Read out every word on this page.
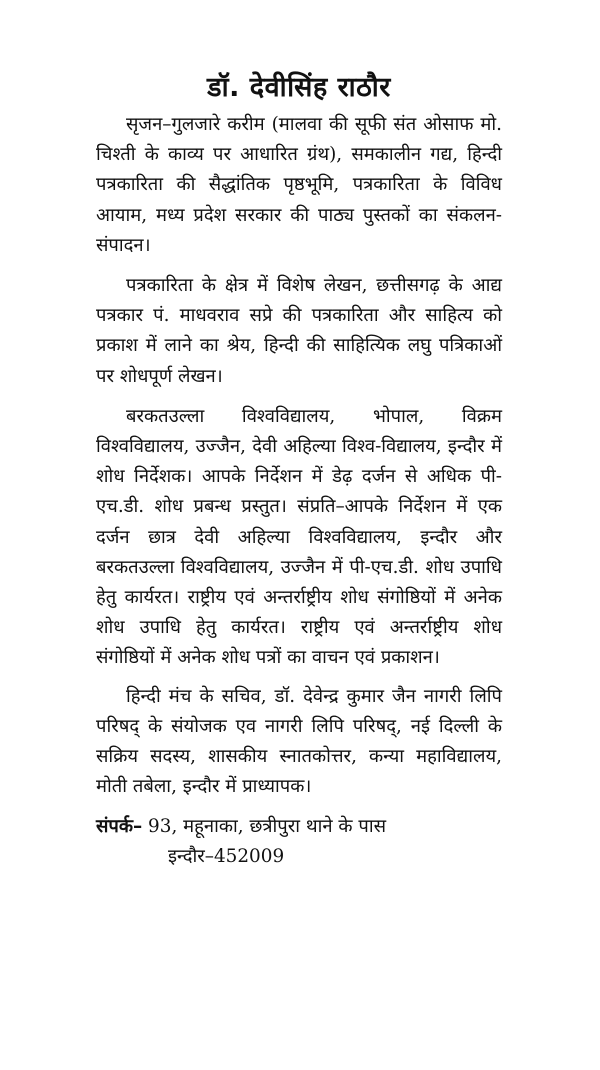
डॉ. देवीसिंह राठौर

सृजन–गुलजारे करीम (मालवा की सूफी संत ओसाफ मो. चिश्ती के काव्य पर आधारित ग्रंथ), समकालीन गद्य, हिन्दी पत्रकारिता की सैद्धांतिक पृष्ठभूमि, पत्रकारिता के विविध आयाम, मध्य प्रदेश सरकार की पाठ्य पुस्तकों का संकलन-संपादन।

पत्रकारिता के क्षेत्र में विशेष लेखन, छत्तीसगढ़ के आद्य पत्रकार पं. माधवराव सप्रे की पत्रकारिता और साहित्य को प्रकाश में लाने का श्रेय, हिन्दी की साहित्यिक लघु पत्रिकाओं पर शोधपूर्ण लेखन।

बरकतउल्ला विश्वविद्यालय, भोपाल, विक्रम विश्वविद्यालय, उज्जैन, देवी अहिल्या विश्व-विद्यालय, इन्दौर में शोध निर्देशक। आपके निर्देशन में डेढ़ दर्जन से अधिक पी-एच.डी. शोध प्रबन्ध प्रस्तुत। संप्रति–आपके निर्देशन में एक दर्जन छात्र देवी अहिल्या विश्वविद्यालय, इन्दौर और बरकतउल्ला विश्वविद्यालय, उज्जैन में पी-एच.डी. शोध उपाधि हेतु कार्यरत। राष्ट्रीय एवं अन्तर्राष्ट्रीय शोध संगोष्ठियों में अनेक शोध उपाधि हेतु कार्यरत। राष्ट्रीय एवं अन्तर्राष्ट्रीय शोध संगोष्ठियों में अनेक शोध पत्रों का वाचन एवं प्रकाशन।

हिन्दी मंच के सचिव, डॉ. देवेन्द्र कुमार जैन नागरी लिपि परिषद् के संयोजक एव नागरी लिपि परिषद्, नई दिल्ली के सक्रिय सदस्य, शासकीय स्नातकोत्तर, कन्या महाविद्यालय, मोती तबेला, इन्दौर में प्राध्यापक।

संपर्क– 93, महूनाका, छत्रीपुरा थाने के पास
इन्दौर–452009
